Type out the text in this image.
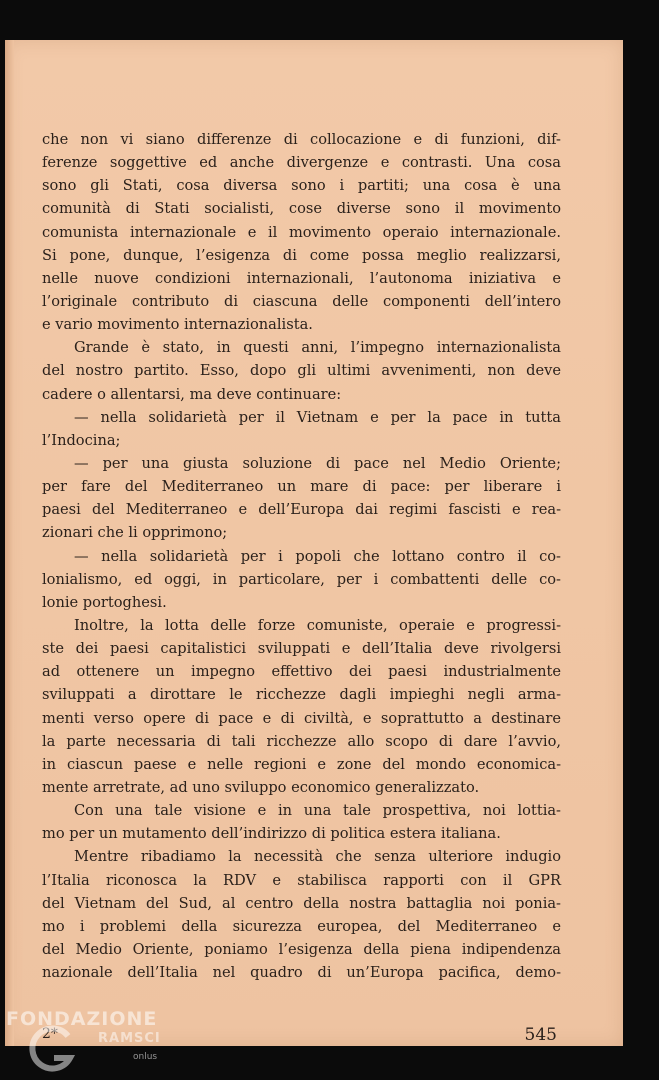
che non vi siano differenze di collocazione e di funzioni, dif-
ferenze soggettive ed anche divergenze e contrasti. Una cosa
sono gli Stati, cosa diversa sono i partiti; una cosa è una
comunità di Stati socialisti, cose diverse sono il movimento
comunista internazionale e il movimento operaio internazionale.
Si pone, dunque, l’esigenza di come possa meglio realizzarsi,
nelle nuove condizioni internazionali, l’autonoma iniziativa e
l’originale contributo di ciascuna delle componenti dell’intero
e vario movimento internazionalista.
Grande è stato, in questi anni, l’impegno internazionalista
del nostro partito. Esso, dopo gli ultimi avvenimenti, non deve
cadere o allentarsi, ma deve continuare:
— nella solidarietà per il Vietnam e per la pace in tutta
l’Indocina;
— per una giusta soluzione di pace nel Medio Oriente;
per fare del Mediterraneo un mare di pace: per liberare i
paesi del Mediterraneo e dell’Europa dai regimi fascisti e rea-
zionari che li opprimono;
— nella solidarietà per i popoli che lottano contro il co-
lonialismo, ed oggi, in particolare, per i combattenti delle co-
lonie portoghesi.
Inoltre, la lotta delle forze comuniste, operaie e progressi-
ste dei paesi capitalistici sviluppati e dell’Italia deve rivolgersi
ad ottenere un impegno effettivo dei paesi industrialmente
sviluppati a dirottare le ricchezze dagli impieghi negli arma-
menti verso opere di pace e di civiltà, e soprattutto a destinare
la parte necessaria di tali ricchezze allo scopo di dare l’avvio,
in ciascun paese e nelle regioni e zone del mondo economica-
mente arretrate, ad uno sviluppo economico generalizzato.
Con una tale visione e in una tale prospettiva, noi lottia-
mo per un mutamento dell’indirizzo di politica estera italiana.
Mentre ribadiamo la necessità che senza ulteriore indugio
l’Italia riconosca la RDV e stabilisca rapporti con il GPR
del Vietnam del Sud, al centro della nostra battaglia noi ponia-
mo i problemi della sicurezza europea, del Mediterraneo e
del Medio Oriente, poniamo l’esigenza della piena indipendenza
nazionale dell’Italia nel quadro di un’Europa pacifica, demo-
2*	545
FONDAZIONE
RAMSCI
onlus
